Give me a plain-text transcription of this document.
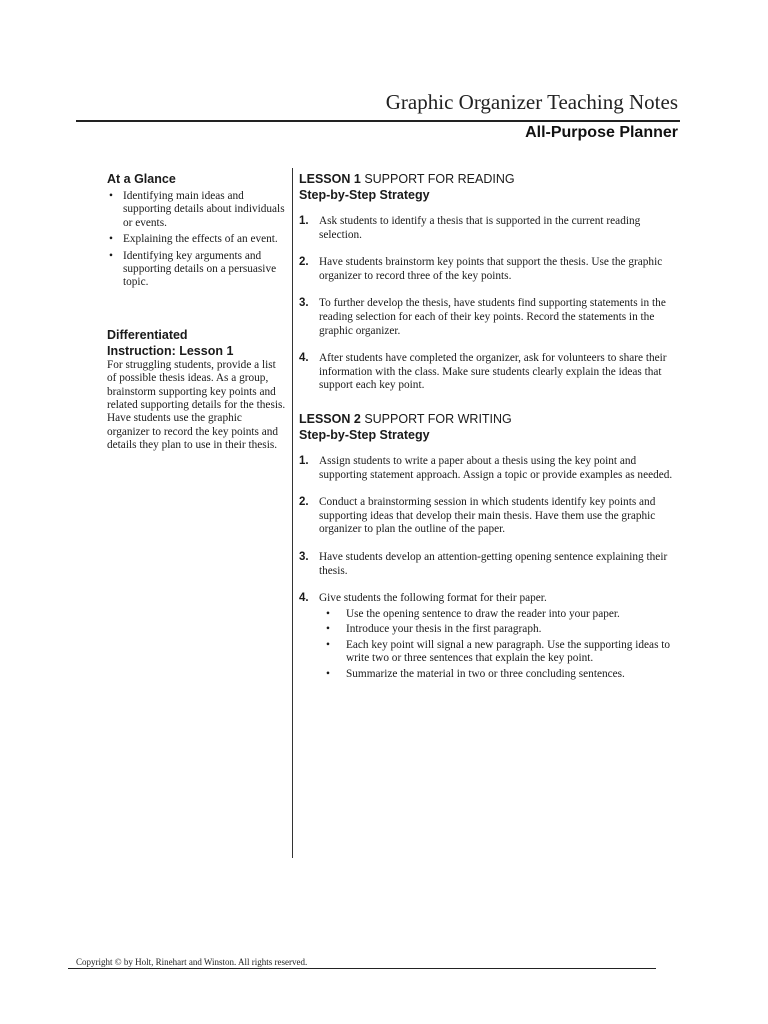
Graphic Organizer Teaching Notes
All-Purpose Planner
At a Glance
• Identifying main ideas and supporting details about individuals or events.
• Explaining the effects of an event.
• Identifying key arguments and supporting details on a persuasive topic.
Differentiated
Instruction: Lesson 1

For struggling students, provide a list of possible thesis ideas. As a group, brainstorm supporting key points and related supporting details for the thesis. Have students use the graphic organizer to record the key points and details they plan to use in their thesis.

LESSON 1 SUPPORT FOR READING
Step-by-Step Strategy
1. Ask students to identify a thesis that is supported in the current reading selection.
2. Have students brainstorm key points that support the thesis. Use the graphic organizer to record three of the key points.
3. To further develop the thesis, have students find supporting statements in the reading selection for each of their key points. Record the statements in the graphic organizer.
4. After students have completed the organizer, ask for volunteers to share their information with the class. Make sure students clearly explain the ideas that support each key point.
LESSON 2 SUPPORT FOR WRITING
Step-by-Step Strategy
1. Assign students to write a paper about a thesis using the key point and supporting statement approach. Assign a topic or provide examples as needed.
2. Conduct a brainstorming session in which students identify key points and supporting ideas that develop their main thesis. Have them use the graphic organizer to plan the outline of the paper.
3. Have students develop an attention-getting opening sentence explaining their thesis.
4. Give students the following format for their paper.
• Use the opening sentence to draw the reader into your paper.
• Introduce your thesis in the first paragraph.
• Each key point will signal a new paragraph. Use the supporting ideas to write two or three sentences that explain the key point.
• Summarize the material in two or three concluding sentences.
Copyright © by Holt, Rinehart and Winston. All rights reserved.
